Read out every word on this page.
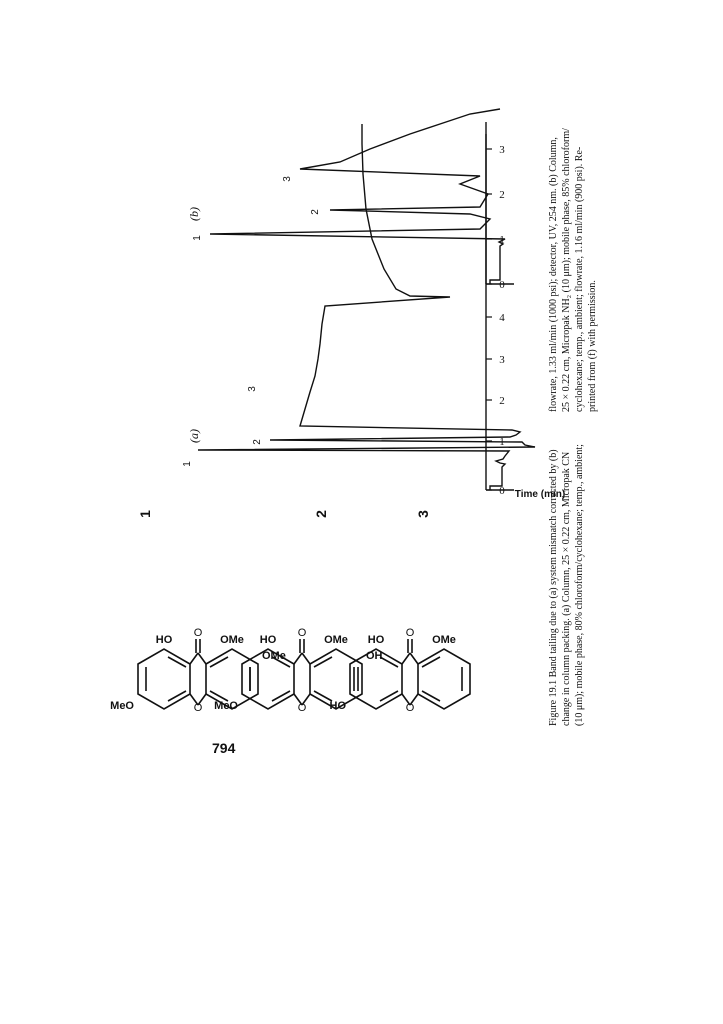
794
O
O
MeO
HO	OMe
OMe
1
O
O
MeO
HO	OMe
OH
2
O
O
HO
HO	OMe
3
(a)
0
1
2
3
4
1
2
3
Time (min)
(b)
0
1
2
3
1
2
3
Figure 19.1 Band tailing due to (a) system mismatch corrected by (b) change in column packing. (a) Column, 25 × 0.22 cm, Micropak CN (10 μm); mobile phase, 80% chloroform/cyclohexane; temp., ambient;
flowrate, 1.33 ml/min (1000 psi); detector, UV, 254 nm. (b) Column, 25 × 0.22 cm, Micropak NH₂ (10 μm); mobile phase, 85% chloroform/ cyclohexane; temp., ambient; flowrate, 1.16 ml/min (900 psi). Re- printed from (f) with permission.
